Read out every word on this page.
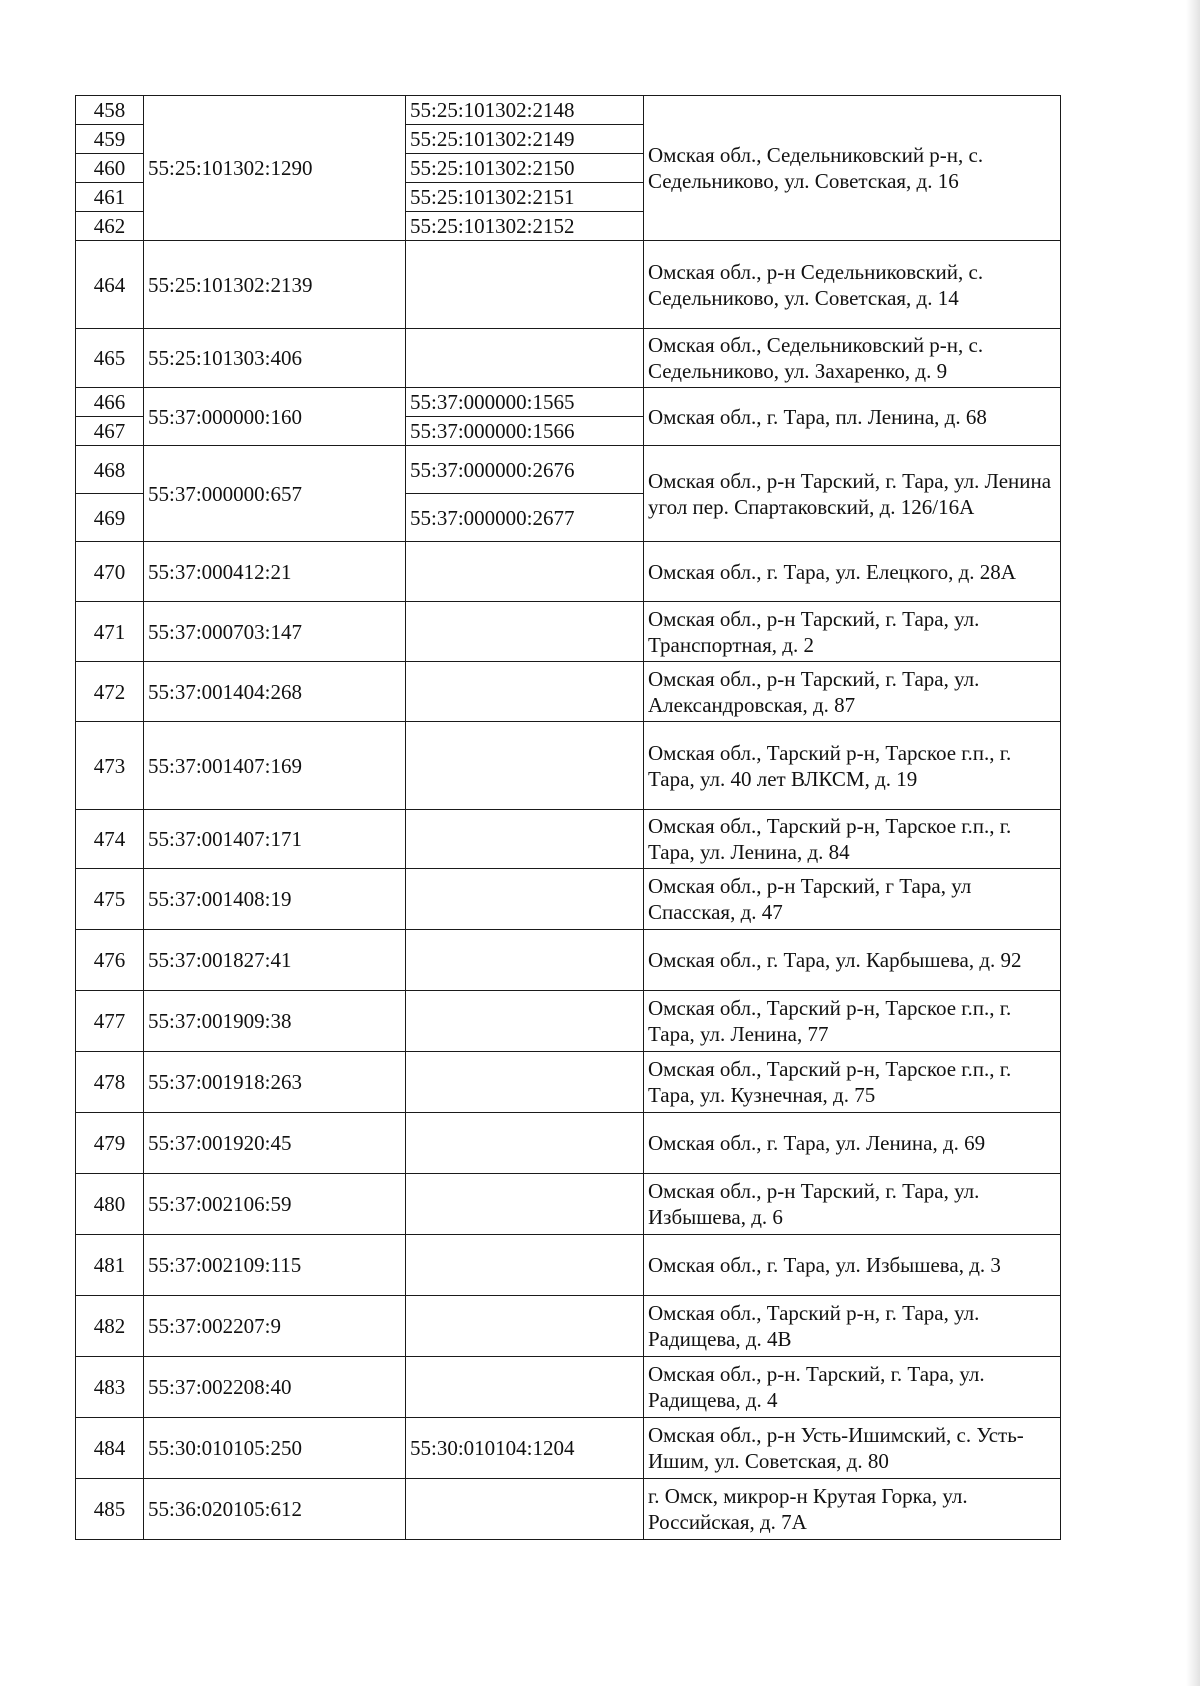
458	55:25:101302:1290	55:25:101302:2148	Омская обл., Седельниковский р-н, с. Седельниково, ул. Советская, д. 16
459		55:25:101302:2149	
460		55:25:101302:2150	
461		55:25:101302:2151	
462		55:25:101302:2152	
464	55:25:101302:2139		Омская обл., р-н Седельниковский, с. Седельниково, ул. Советская, д. 14
465	55:25:101303:406		Омская обл., Седельниковский р-н, с. Седельниково, ул. Захаренко, д. 9
466	55:37:000000:160	55:37:000000:1565	Омская обл., г. Тара, пл. Ленина, д. 68
467		55:37:000000:1566	
468	55:37:000000:657	55:37:000000:2676	Омская обл., р-н Тарский, г. Тара, ул. Ленина угол пер. Спартаковский, д. 126/16А
469		55:37:000000:2677	
470	55:37:000412:21		Омская обл., г. Тара, ул. Елецкого, д. 28А
471	55:37:000703:147		Омская обл., р-н Тарский, г. Тара, ул. Транспортная, д. 2
472	55:37:001404:268		Омская обл., р-н Тарский, г. Тара, ул. Александровская, д. 87
473	55:37:001407:169		Омская обл., Тарский р-н, Тарское г.п., г. Тара, ул. 40 лет ВЛКСМ, д. 19
474	55:37:001407:171		Омская обл., Тарский р-н, Тарское г.п., г. Тара, ул. Ленина, д. 84
475	55:37:001408:19		Омская обл., р-н Тарский, г Тара, ул Спасская, д. 47
476	55:37:001827:41		Омская обл., г. Тара, ул. Карбышева, д. 92
477	55:37:001909:38		Омская обл., Тарский р-н, Тарское г.п., г. Тара, ул. Ленина, 77
478	55:37:001918:263		Омская обл., Тарский р-н, Тарское г.п., г. Тара, ул. Кузнечная, д. 75
479	55:37:001920:45		Омская обл., г. Тара, ул. Ленина, д. 69
480	55:37:002106:59		Омская обл., р-н Тарский, г. Тара, ул. Избышева, д. 6
481	55:37:002109:115		Омская обл., г. Тара, ул. Избышева, д. 3
482	55:37:002207:9		Омская обл., Тарский р-н, г. Тара, ул. Радищева, д. 4В
483	55:37:002208:40		Омская обл., р-н. Тарский, г. Тара, ул. Радищева, д. 4
484	55:30:010105:250	55:30:010104:1204	Омская обл., р-н Усть-Ишимский, с. Усть-Ишим, ул. Советская, д. 80
485	55:36:020105:612		г. Омск, микрор-н Крутая Горка, ул. Российская, д. 7А
